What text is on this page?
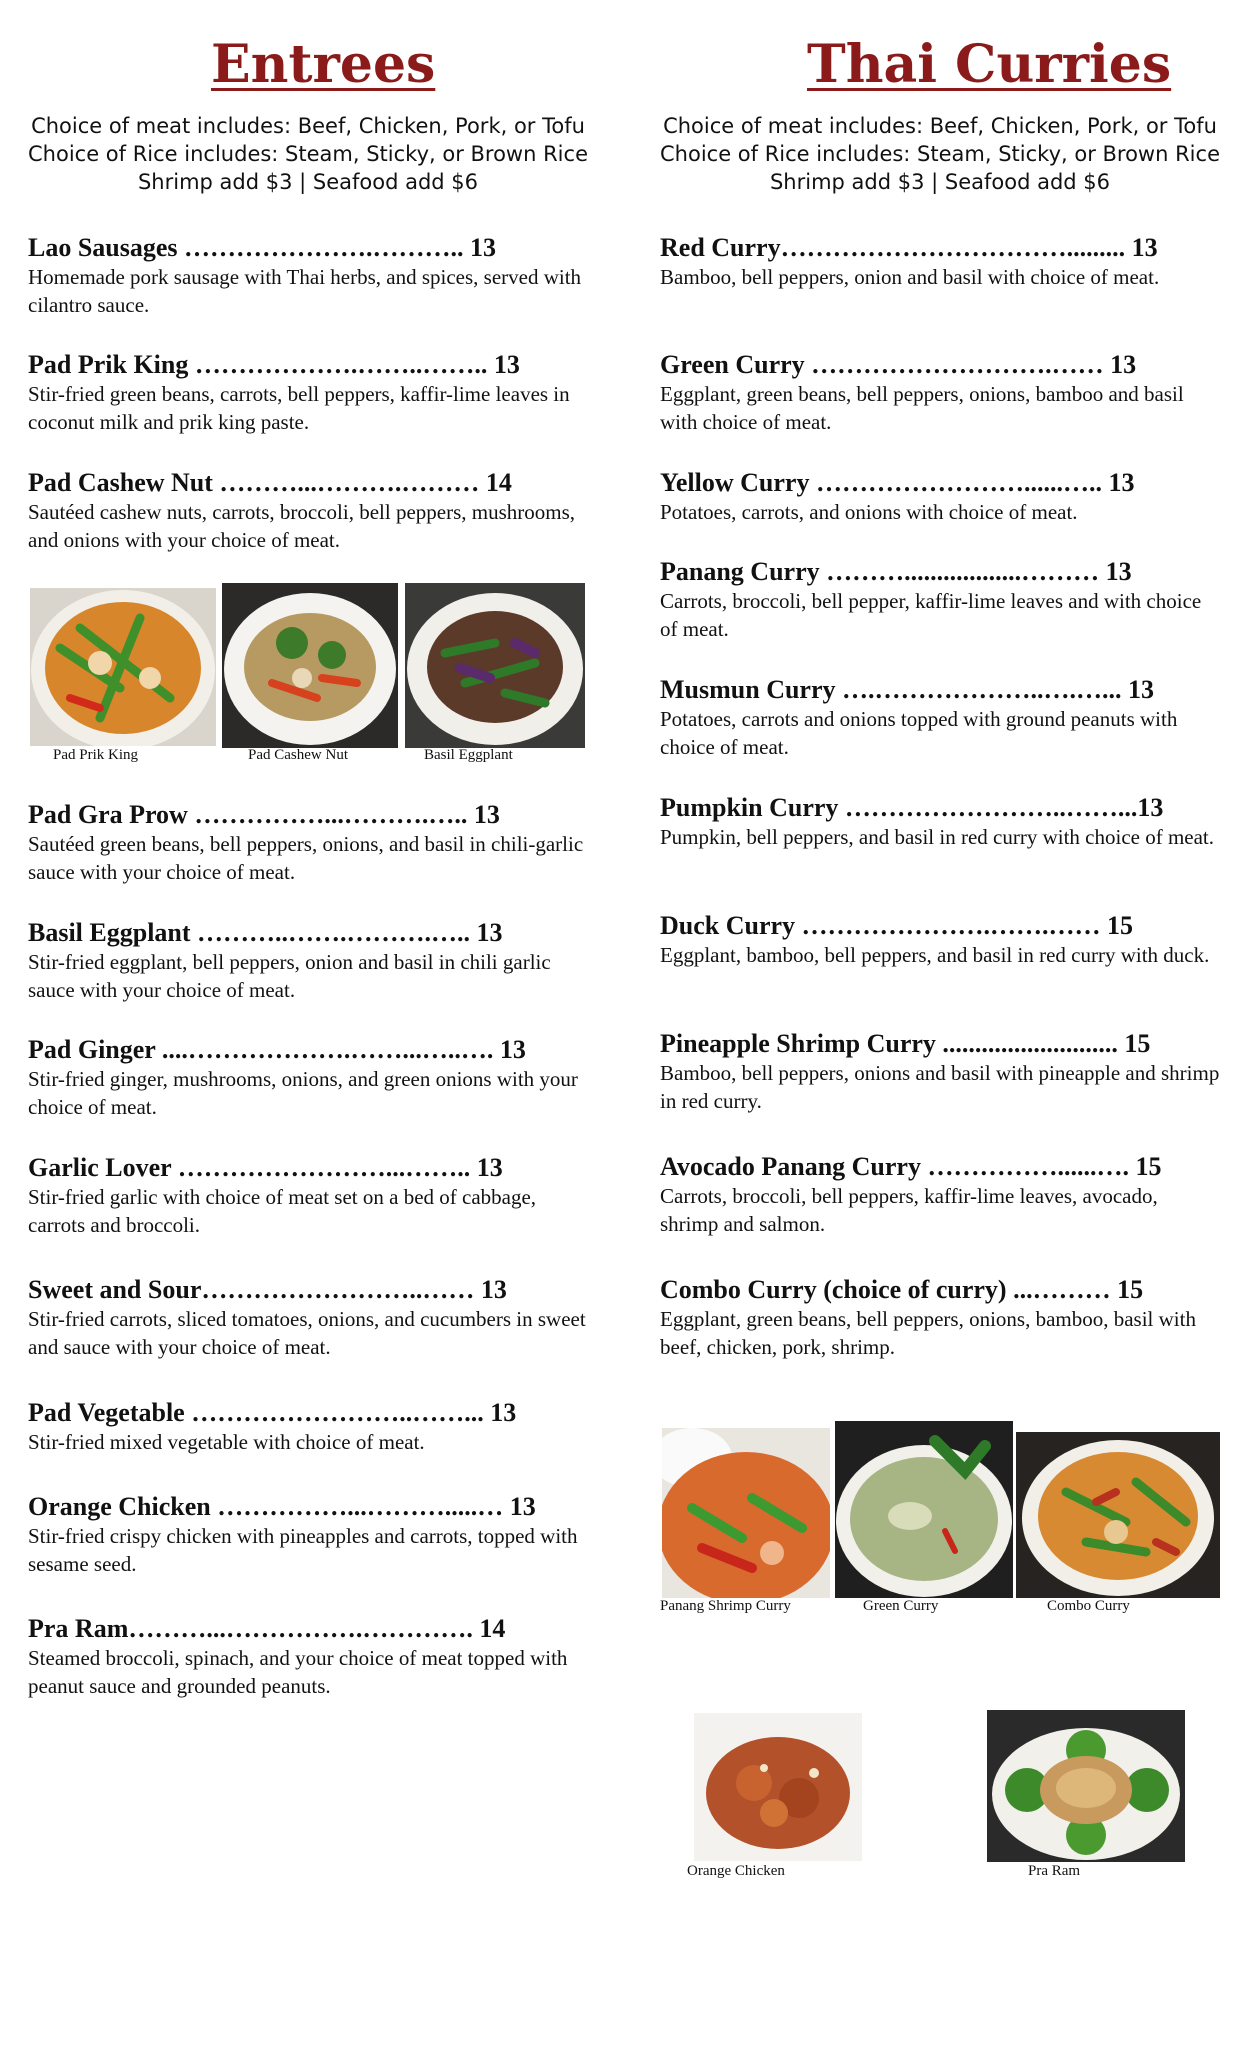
Entrees
Choice of meat includes: Beef, Chicken, Pork, or Tofu
Choice of Rice includes: Steam, Sticky, or Brown Rice
Shrimp add $3 | Seafood add $6
Lao Sausages ………………….……….. 13
Homemade pork sausage with Thai herbs, and spices, served with cilantro sauce.
Pad Prik King ……………….……..…….. 13
Stir-fried green beans, carrots, bell peppers, kaffir-lime leaves in coconut milk and prik king paste.
Pad Cashew Nut ………...……….……… 14
Sautéed cashew nuts, carrots, broccoli, bell peppers, mushrooms, and onions with your choice of meat.
Pad Prik King	Pad Cashew Nut	Basil Eggplant
Pad Gra Prow ……………...……….….. 13
Sautéed green beans, bell peppers, onions, and basil in chili-garlic sauce with your choice of meat.
Basil Eggplant ………..…….……….….. 13
Stir-fried eggplant, bell peppers, onion and basil in chili garlic sauce with your choice of meat.
Pad Ginger ....……………….……...…..…. 13
Stir-fried ginger, mushrooms, onions, and green onions with your choice of meat.
Garlic Lover ……………………...…….. 13
Stir-fried garlic with choice of meat set on a bed of cabbage, carrots and broccoli.
Sweet and Sour……………………..…… 13
Stir-fried carrots, sliced tomatoes, onions, and cucumbers in sweet and sauce with your choice of meat.
Pad Vegetable ……………………..……... 13
Stir-fried mixed vegetable with choice of meat.
Orange Chicken ……………...……….....… 13
Stir-fried crispy chicken with pineapples and carrots, topped with sesame seed.
Pra Ram………...…………….…………. 14
Steamed broccoli, spinach, and your choice of meat topped with peanut sauce and grounded peanuts.
Thai Curries
Choice of meat includes: Beef, Chicken, Pork, or Tofu
Choice of Rice includes: Steam, Sticky, or Brown Rice
Shrimp add $3 | Seafood add $6
Red Curry……………………………......... 13
Bamboo, bell peppers, onion and basil with choice of meat.
Green Curry ……………………….…… 13
Eggplant, green beans, bell peppers, onions, bamboo and basil with choice of meat.
Yellow Curry ……………………......….. 13
Potatoes, carrots, and onions with choice of meat.
Panang Curry ………..................……… 13
Carrots, broccoli, bell pepper, kaffir-lime leaves and with choice of meat.
Musmun Curry ….………………..….…... 13
Potatoes, carrots and onions topped with ground peanuts with choice of meat.
Pumpkin Curry ……………………..……...13
Pumpkin, bell peppers, and basil in red curry with choice of meat.
Duck Curry ………………….…….…… 15
Eggplant, bamboo, bell peppers, and basil in red curry with duck.
Pineapple Shrimp Curry ........................... 15
Bamboo, bell peppers, onions and basil with pineapple and shrimp in red curry.
Avocado Panang Curry ……………......…. 15
Carrots, broccoli, bell peppers, kaffir-lime leaves, avocado, shrimp and salmon.
Combo Curry (choice of curry) ...……… 15
Eggplant, green beans, bell peppers, onions, bamboo, basil with beef, chicken, pork, shrimp.
Panang Shrimp Curry	Green Curry	Combo Curry
Orange Chicken	Pra Ram
